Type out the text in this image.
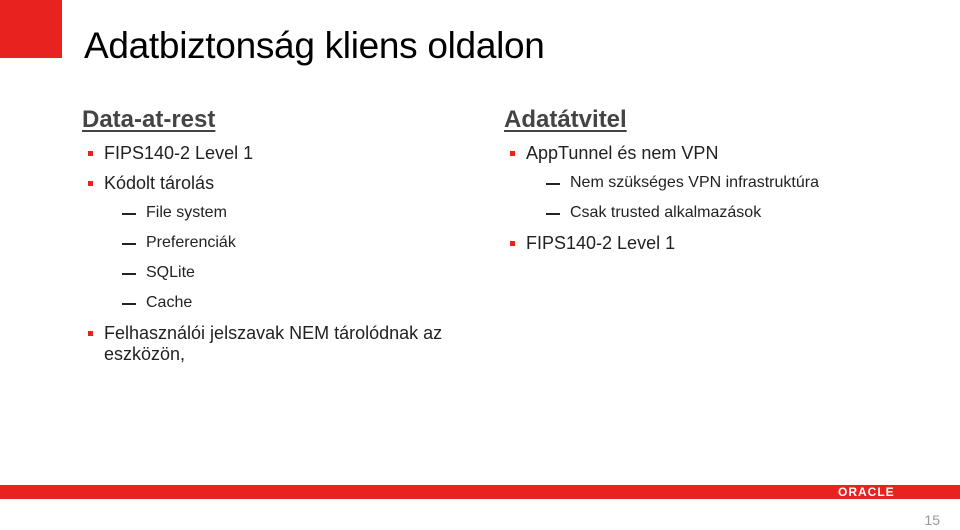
Adatbiztonság kliens oldalon
Data-at-rest
FIPS140-2 Level 1
Kódolt tárolás
File system
Preferenciák
SQLite
Cache
Felhasználói jelszavak NEM tárolódnak az eszközön,
Adatátvitel
AppTunnel és nem VPN
Nem szükséges VPN infrastruktúra
Csak trusted alkalmazások
FIPS140-2 Level 1
ORACLE
15
